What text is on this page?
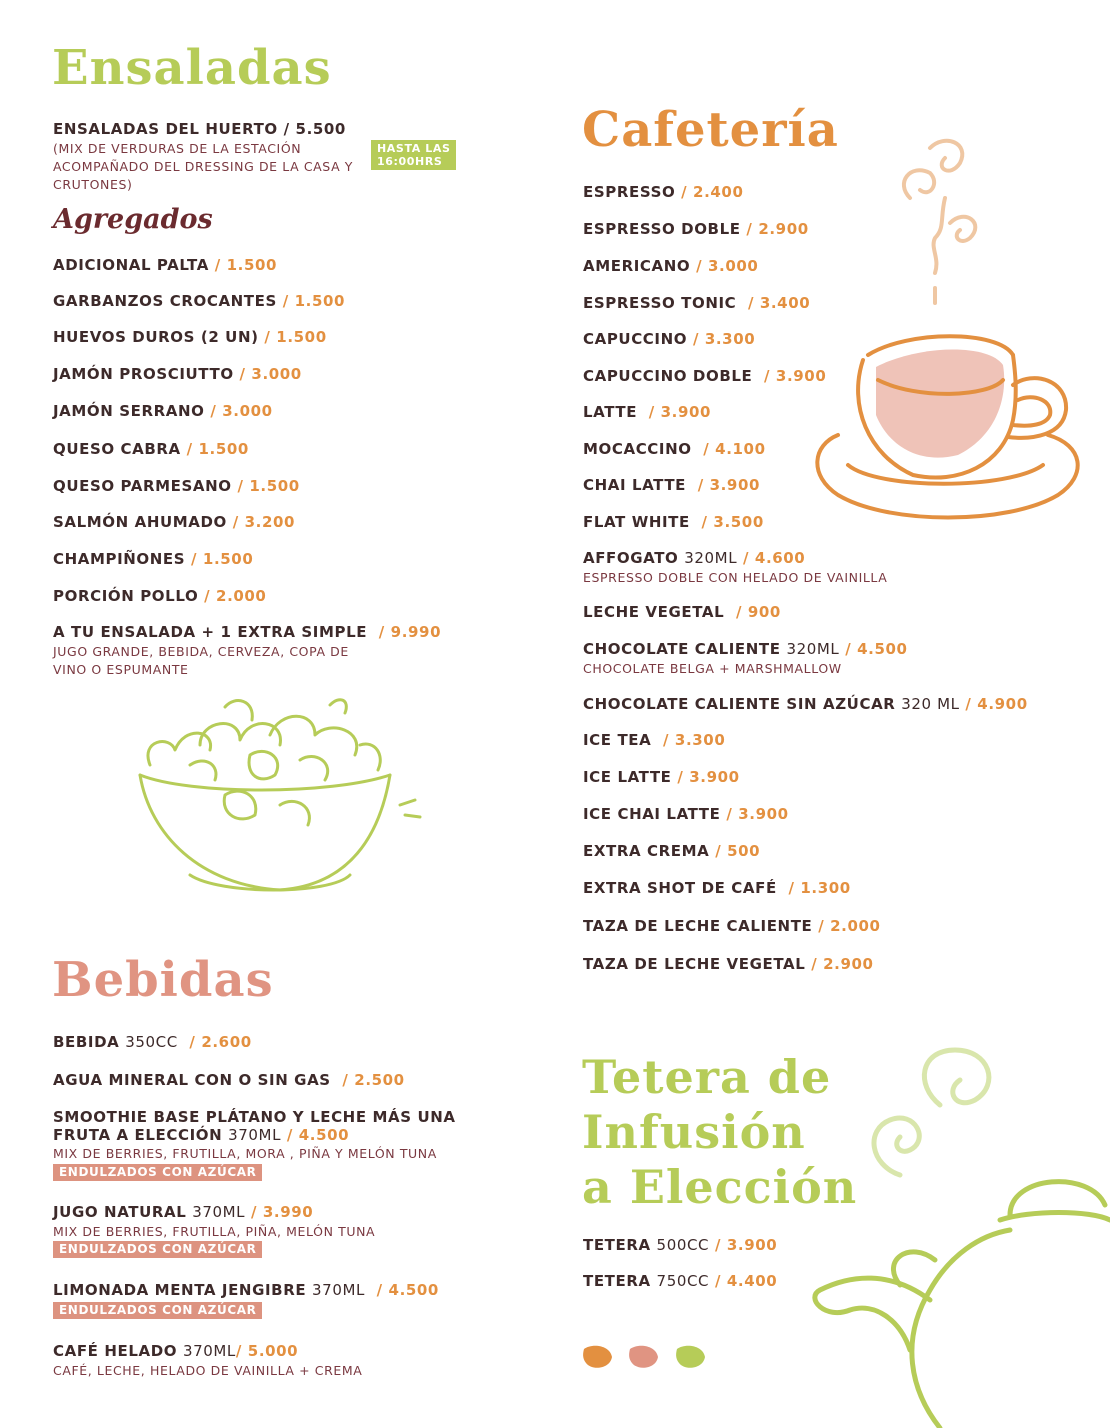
Ensaladas
ENSALADAS DEL HUERTO / 5.500
(MIX DE VERDURAS DE LA ESTACIÓN
ACOMPAÑADO DEL DRESSING DE LA CASA Y
CRUTONES)
HASTA LAS
16:00HRS
Agregados
ADICIONAL PALTA / 1.500
GARBANZOS CROCANTES / 1.500
HUEVOS DUROS (2 UN) / 1.500
JAMÓN PROSCIUTTO / 3.000
JAMÓN SERRANO / 3.000
QUESO CABRA / 1.500
QUESO PARMESANO / 1.500
SALMÓN AHUMADO / 3.200
CHAMPIÑONES / 1.500
PORCIÓN POLLO / 2.000
A TU ENSALADA + 1 EXTRA SIMPLE / 9.990
JUGO GRANDE, BEBIDA, CERVEZA, COPA DE
VINO O ESPUMANTE
Bebidas
BEBIDA 350CC / 2.600
AGUA MINERAL CON O SIN GAS / 2.500
SMOOTHIE BASE PLÁTANO Y LECHE MÁS UNA
FRUTA A ELECCIÓN 370ML / 4.500
MIX DE BERRIES, FRUTILLA, MORA , PIÑA Y MELÓN TUNA
ENDULZADOS CON AZÚCAR
JUGO NATURAL 370ML / 3.990
MIX DE BERRIES, FRUTILLA, PIÑA, MELÓN TUNA
ENDULZADOS CON AZÚCAR
LIMONADA MENTA JENGIBRE 370ML / 4.500
ENDULZADOS CON AZÚCAR
CAFÉ HELADO 370ML/ 5.000
CAFÉ, LECHE, HELADO DE VAINILLA + CREMA
Cafetería
ESPRESSO / 2.400
ESPRESSO DOBLE / 2.900
AMERICANO / 3.000
ESPRESSO TONIC / 3.400
CAPUCCINO / 3.300
CAPUCCINO DOBLE / 3.900
LATTE / 3.900
MOCACCINO / 4.100
CHAI LATTE / 3.900
FLAT WHITE / 3.500
AFFOGATO 320ML / 4.600
ESPRESSO DOBLE CON HELADO DE VAINILLA
LECHE VEGETAL / 900
CHOCOLATE CALIENTE 320ML / 4.500
CHOCOLATE BELGA + MARSHMALLOW
CHOCOLATE CALIENTE SIN AZÚCAR 320 ML / 4.900
ICE TEA / 3.300
ICE LATTE / 3.900
ICE CHAI LATTE / 3.900
EXTRA CREMA / 500
EXTRA SHOT DE CAFÉ / 1.300
TAZA DE LECHE CALIENTE / 2.000
TAZA DE LECHE VEGETAL / 2.900
Tetera de
Infusión
a Elección
TETERA 500CC / 3.900
TETERA 750CC / 4.400
